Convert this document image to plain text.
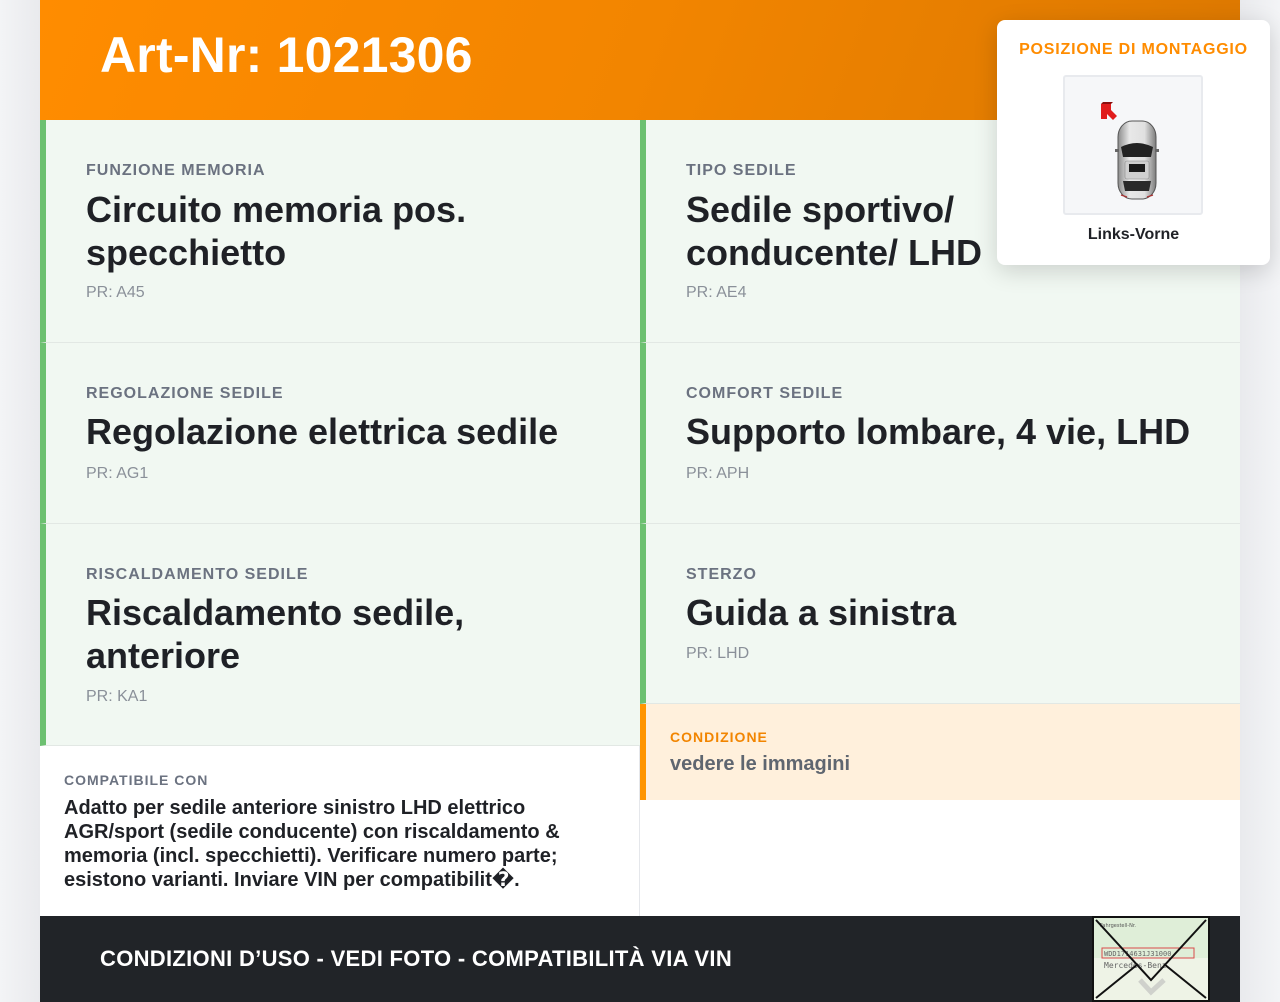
Art-Nr: 1021306
FUNZIONE MEMORIA
Circuito memoria pos. specchietto
PR: A45
TIPO SEDILE
Sedile sportivo/ conducente/ LHD
PR: AE4
REGOLAZIONE SEDILE
Regolazione elettrica sedile
PR: AG1
COMFORT SEDILE
Supporto lombare, 4 vie, LHD
PR: APH
RISCALDAMENTO SEDILE
Riscaldamento sedile, anteriore
PR: KA1
STERZO
Guida a sinistra
PR: LHD
CONDIZIONE
vedere le immagini
COMPATIBILE CON
Adatto per sedile anteriore sinistro LHD elettrico AGR/sport (sedile conducente) con riscaldamento & memoria (incl. specchietti). Verificare numero parte; esistono varianti. Inviare VIN per compatibilit�.
CONDIZIONI D’USO - VEDI FOTO - COMPATIBILITÀ VIA VIN
Fahrgestell-Nr.
WDD1714631J31000
Mercedes-Benz
POSIZIONE DI MONTAGGIO
Links-Vorne
